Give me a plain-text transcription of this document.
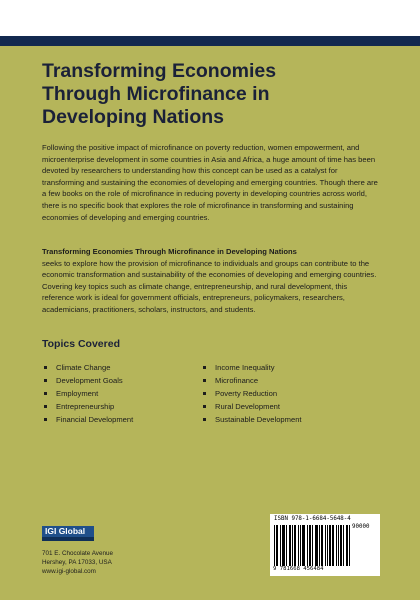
Transforming Economies
Through Microfinance in
Developing Nations

Following the positive impact of microfinance on poverty reduction, women empowerment, and microenterprise development in some countries in Asia and Africa, a huge amount of time has been devoted by researchers to understanding how this concept can be used as a catalyst for transforming and sustaining the economies of developing and emerging countries. Though there are a few books on the role of microfinance in reducing poverty in developing countries across world, there is no specific book that explores the role of microfinance in transforming and sustaining economies of developing and emerging countries.

Transforming Economies Through Microfinance in Developing Nations
seeks to explore how the provision of microfinance to individuals and groups can contribute to the economic transformation and sustainability of the economies of developing and emerging countries. Covering key topics such as climate change, entrepreneurship, and rural development, this reference work is ideal for government officials, entrepreneurs, policymakers, researchers, academicians, practitioners, scholars, instructors, and students.

Topics Covered
Climate Change
Development Goals
Employment
Entrepreneurship
Financial Development
Income Inequality
Microfinance
Poverty Reduction
Rural Development
Sustainable Development
IGI Global
701 E. Chocolate Avenue
Hershey, PA 17033, USA
www.igi-global.com
ISBN 978-1-6684-5648-4
90000
9 781668 456484
